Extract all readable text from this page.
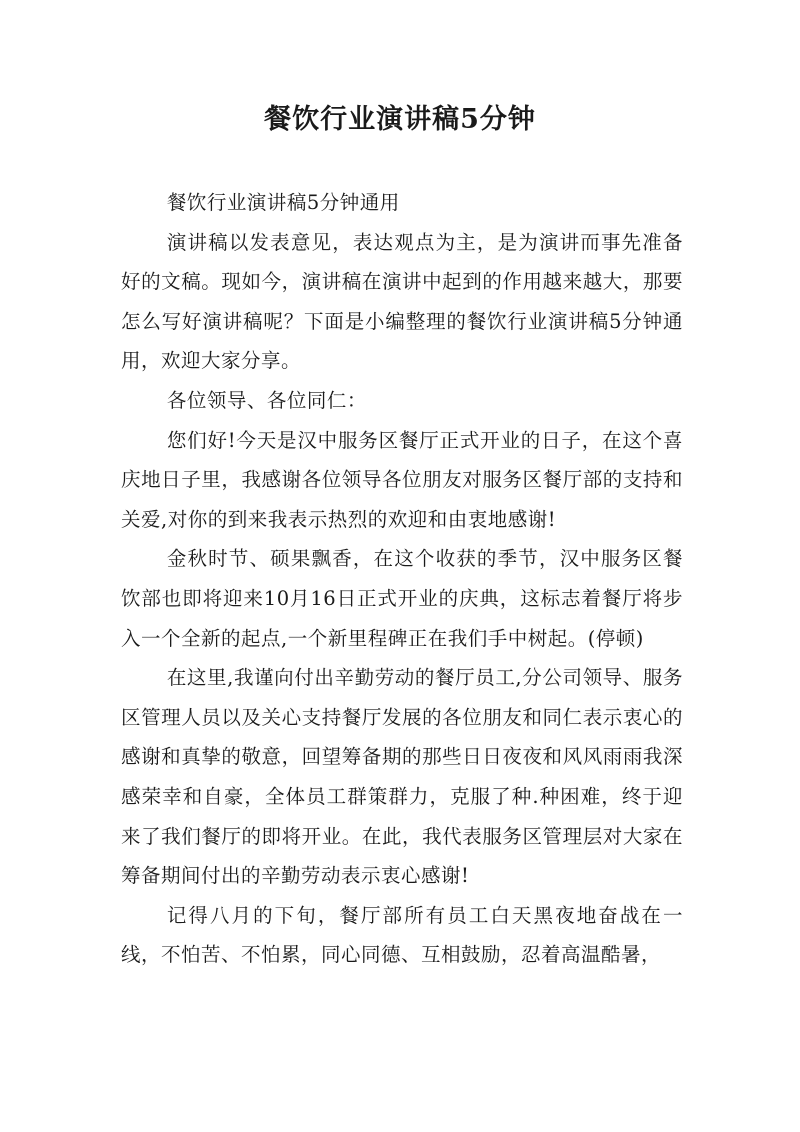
餐饮行业演讲稿5分钟

餐饮行业演讲稿5分钟通用

演讲稿以发表意见，表达观点为主，是为演讲而事先准备好的文稿。现如今，演讲稿在演讲中起到的作用越来越大，那要怎么写好演讲稿呢？下面是小编整理的餐饮行业演讲稿5分钟通用，欢迎大家分享。

各位领导、各位同仁：

您们好!今天是汉中服务区餐厅正式开业的日子，在这个喜庆地日子里，我感谢各位领导各位朋友对服务区餐厅部的支持和关爱,对你的到来我表示热烈的欢迎和由衷地感谢!

金秋时节、硕果飘香，在这个收获的季节，汉中服务区餐饮部也即将迎来10月16日正式开业的庆典，这标志着餐厅将步入一个全新的起点,一个新里程碑正在我们手中树起。(停顿)

在这里,我谨向付出辛勤劳动的餐厅员工,分公司领导、服务区管理人员以及关心支持餐厅发展的各位朋友和同仁表示衷心的感谢和真挚的敬意，回望筹备期的那些日日夜夜和风风雨雨我深感荣幸和自豪，全体员工群策群力，克服了种.种困难，终于迎来了我们餐厅的即将开业。在此，我代表服务区管理层对大家在筹备期间付出的辛勤劳动表示衷心感谢!

记得八月的下旬，餐厅部所有员工白天黑夜地奋战在一线，不怕苦、不怕累，同心同德、互相鼓励，忍着高温酷暑，
